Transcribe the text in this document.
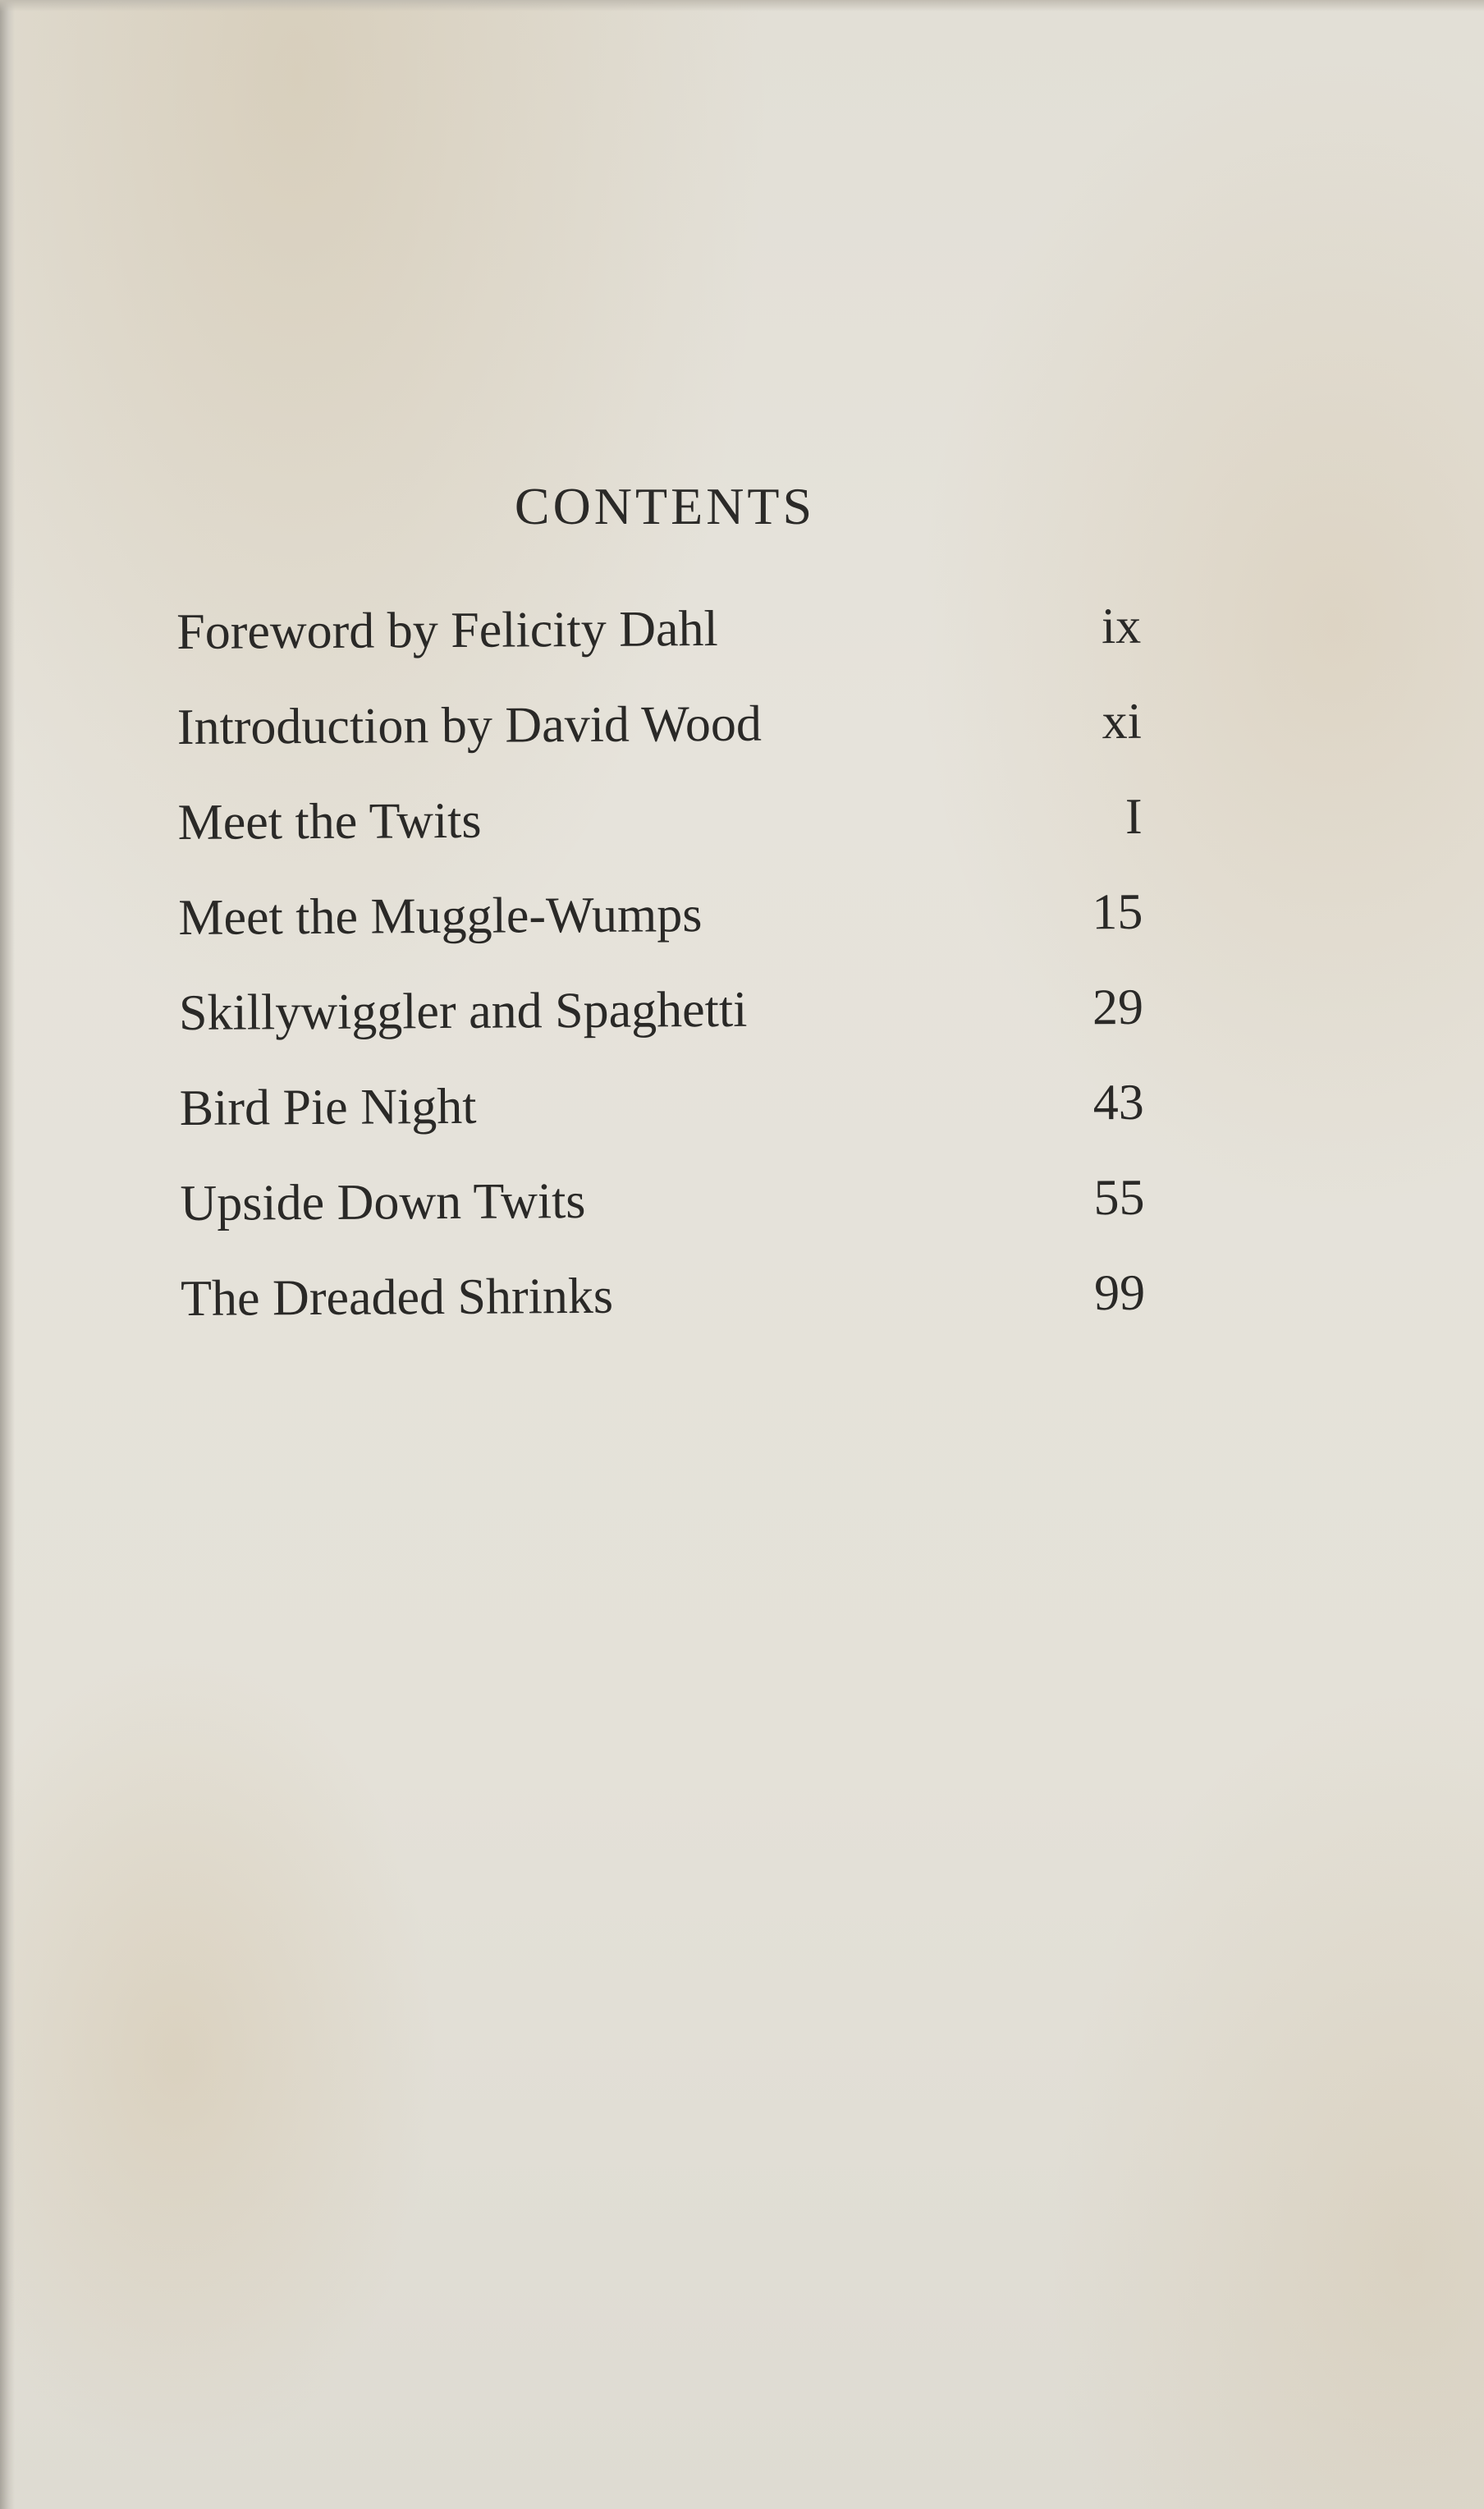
CONTENTS
Foreword by Felicity Dahl	ix
Introduction by David Wood	xi
Meet the Twits	I
Meet the Muggle-Wumps	15
Skillywiggler and Spaghetti	29
Bird Pie Night	43
Upside Down Twits	55
The Dreaded Shrinks	99
